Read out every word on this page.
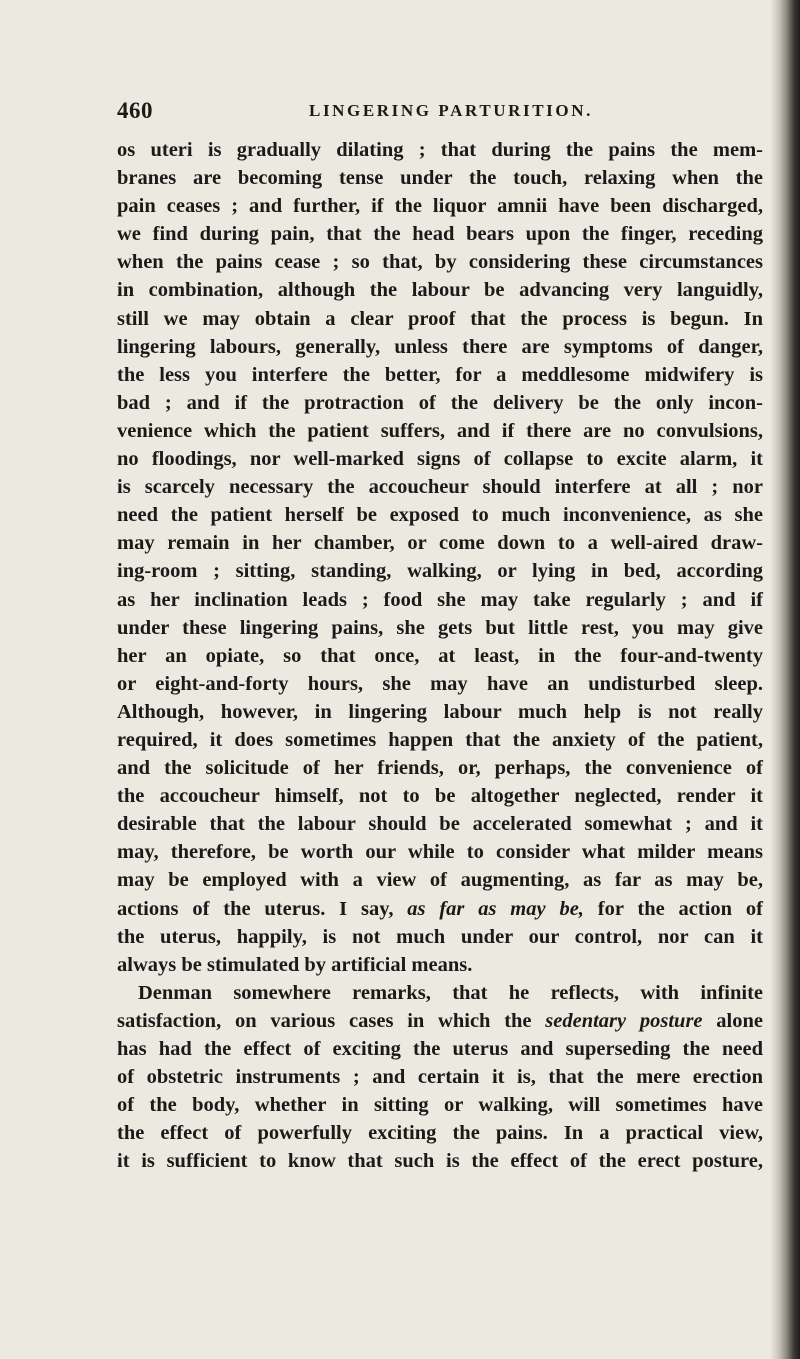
460	LINGERING PARTURITION.
os uteri is gradually dilating ; that during the pains the mem-
branes are becoming tense under the touch, relaxing when the
pain ceases ; and further, if the liquor amnii have been discharged,
we find during pain, that the head bears upon the finger, receding
when the pains cease ; so that, by considering these circumstances
in combination, although the labour be advancing very languidly,
still we may obtain a clear proof that the process is begun. In
lingering labours, generally, unless there are symptoms of danger,
the less you interfere the better, for a meddlesome midwifery is
bad ; and if the protraction of the delivery be the only incon-
venience which the patient suffers, and if there are no convulsions,
no floodings, nor well-marked signs of collapse to excite alarm, it
is scarcely necessary the accoucheur should interfere at all ; nor
need the patient herself be exposed to much inconvenience, as she
may remain in her chamber, or come down to a well-aired draw-
ing-room ; sitting, standing, walking, or lying in bed, according
as her inclination leads ; food she may take regularly ; and if
under these lingering pains, she gets but little rest, you may give
her an opiate, so that once, at least, in the four-and-twenty
or eight-and-forty hours, she may have an undisturbed sleep.
Although, however, in lingering labour much help is not really
required, it does sometimes happen that the anxiety of the patient,
and the solicitude of her friends, or, perhaps, the convenience of
the accoucheur himself, not to be altogether neglected, render it
desirable that the labour should be accelerated somewhat ; and it
may, therefore, be worth our while to consider what milder means
may be employed with a view of augmenting, as far as may be,
actions of the uterus. I say, as far as may be, for the action of
the uterus, happily, is not much under our control, nor can it
always be stimulated by artificial means.
Denman somewhere remarks, that he reflects, with infinite
satisfaction, on various cases in which the sedentary posture alone
has had the effect of exciting the uterus and superseding the need
of obstetric instruments ; and certain it is, that the mere erection
of the body, whether in sitting or walking, will sometimes have
the effect of powerfully exciting the pains. In a practical view,
it is sufficient to know that such is the effect of the erect posture,
